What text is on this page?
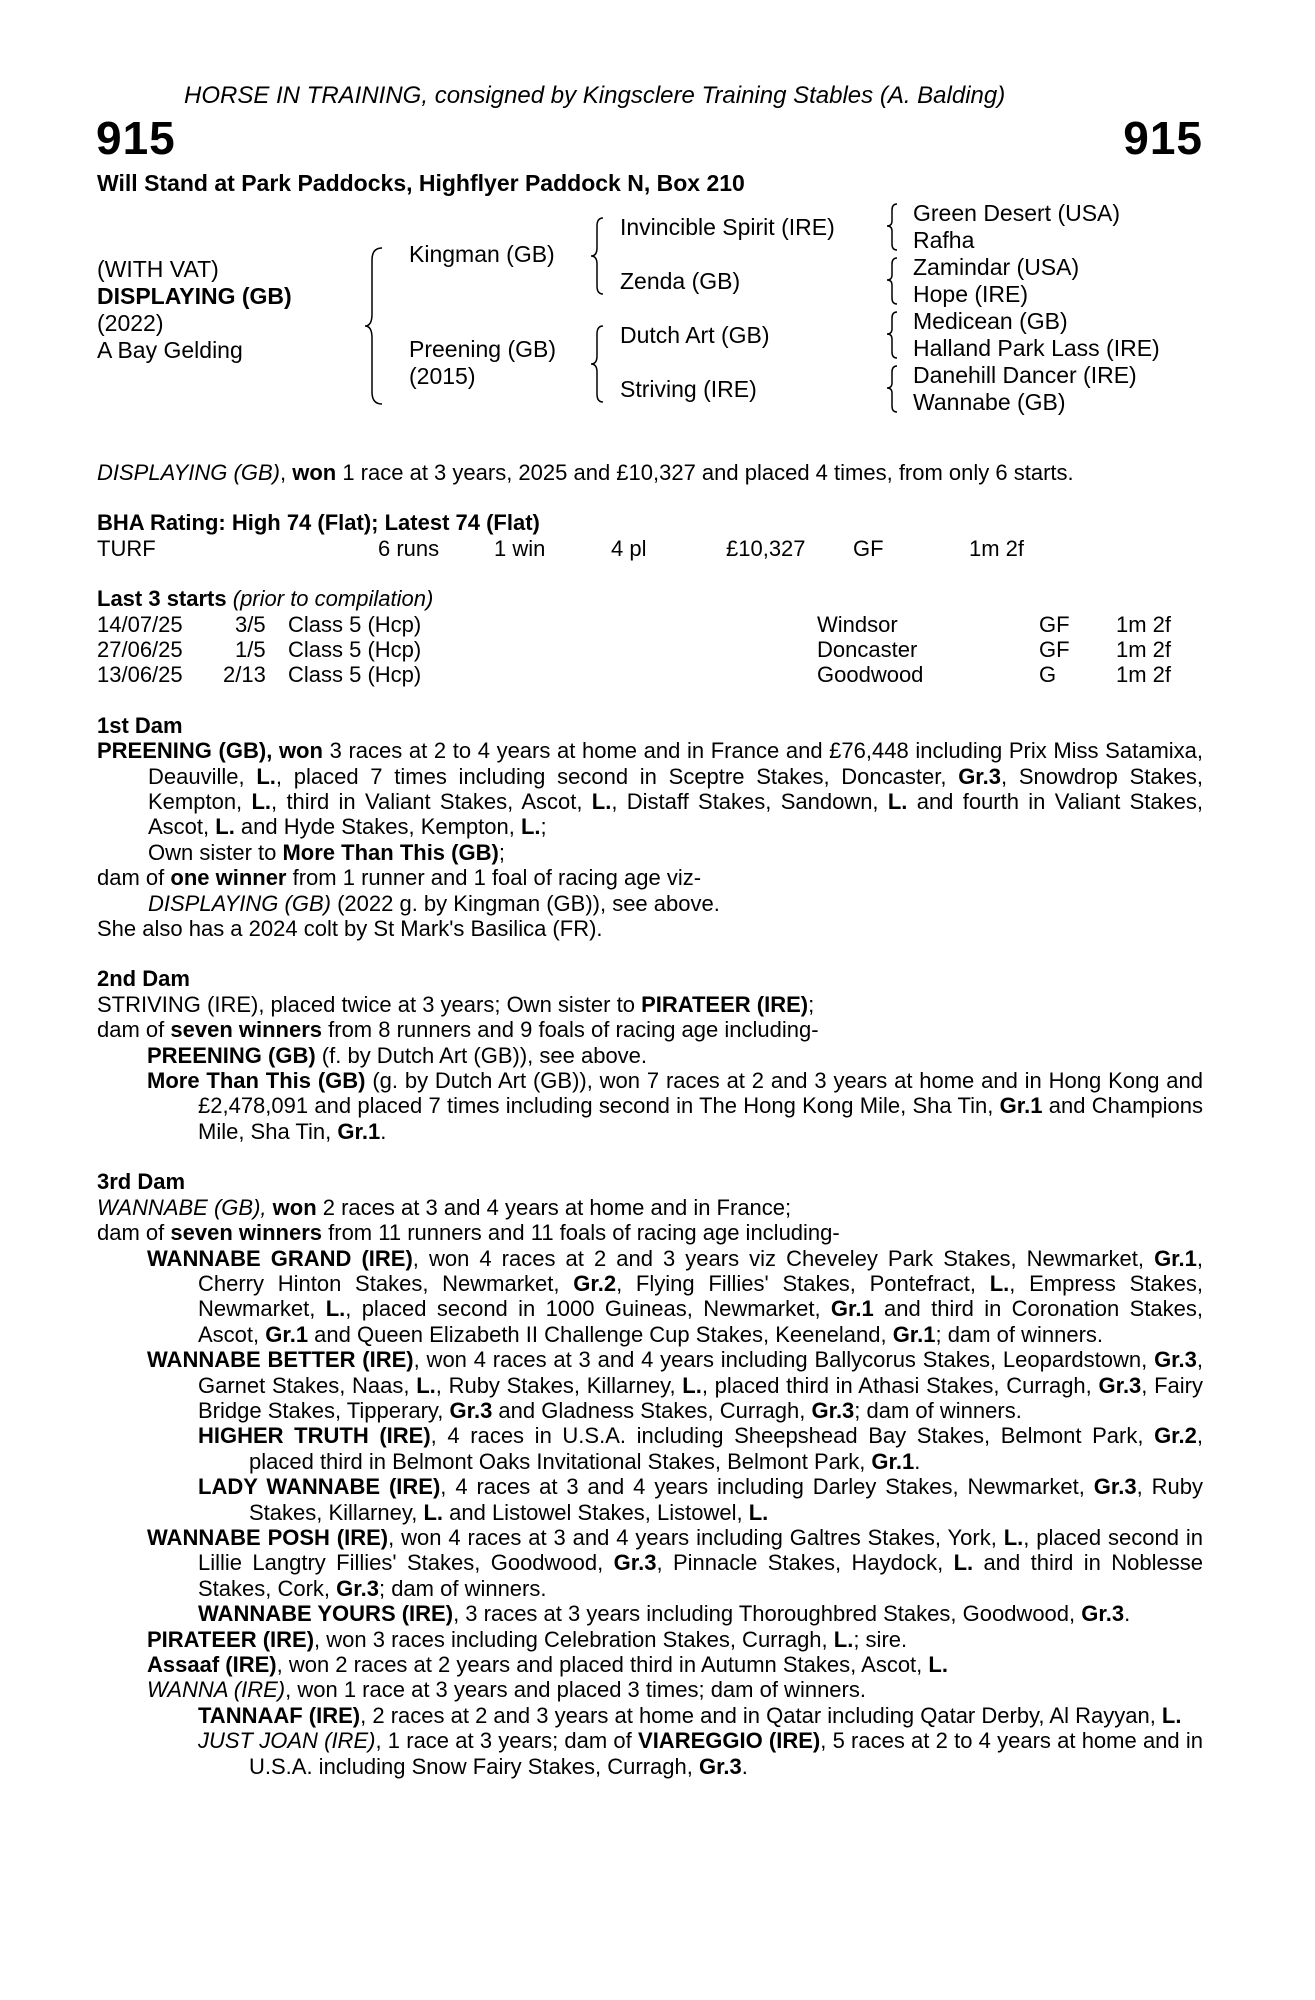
HORSE IN TRAINING, consigned by Kingsclere Training Stables (A. Balding)
915	915
Will Stand at Park Paddocks, Highflyer Paddock N, Box 210
(WITH VAT)
DISPLAYING (GB)
(2022)
A Bay Gelding
Kingman (GB)
Preening (GB)
(2015)
Invincible Spirit (IRE)
Zenda (GB)
Dutch Art (GB)
Striving (IRE)
Green Desert (USA)
Rafha
Zamindar (USA)
Hope (IRE)
Medicean (GB)
Halland Park Lass (IRE)
Danehill Dancer (IRE)
Wannabe (GB)

DISPLAYING (GB), won 1 race at 3 years, 2025 and £10,327 and placed 4 times, from only 6 starts.

BHA Rating: High 74 (Flat); Latest 74 (Flat)

TURF	6 runs 1 win	4 pl	£10,327 GF	1m 2f

Last 3 starts (prior to compilation)

14/07/25 3/5 Class 5 (Hcp)	Windsor	GF 1m 2f
27/06/25 1/5 Class 5 (Hcp)	Doncaster	GF 1m 2f
13/06/25 2/13 Class 5 (Hcp)	Goodwood	G	1m 2f

1st Dam

PREENING (GB), won 3 races at 2 to 4 years at home and in France and £76,448 including Prix Miss Satamixa, Deauville, L., placed 7 times including second in Sceptre Stakes, Doncaster, Gr.3, Snowdrop Stakes, Kempton, L., third in Valiant Stakes, Ascot, L., Distaff Stakes, Sandown, L. and fourth in Valiant Stakes, Ascot, L. and Hyde Stakes, Kempton, L.;

Own sister to More Than This (GB);

dam of one winner from 1 runner and 1 foal of racing age viz-

DISPLAYING (GB) (2022 g. by Kingman (GB)), see above.

She also has a 2024 colt by St Mark's Basilica (FR).

2nd Dam

STRIVING (IRE), placed twice at 3 years; Own sister to PIRATEER (IRE);

dam of seven winners from 8 runners and 9 foals of racing age including-

PREENING (GB) (f. by Dutch Art (GB)), see above.

More Than This (GB) (g. by Dutch Art (GB)), won 7 races at 2 and 3 years at home and in Hong Kong and £2,478,091 and placed 7 times including second in The Hong Kong Mile, Sha Tin, Gr.1 and Champions Mile, Sha Tin, Gr.1.

3rd Dam

WANNABE (GB), won 2 races at 3 and 4 years at home and in France;

dam of seven winners from 11 runners and 11 foals of racing age including-

WANNABE GRAND (IRE), won 4 races at 2 and 3 years viz Cheveley Park Stakes, Newmarket, Gr.1, Cherry Hinton Stakes, Newmarket, Gr.2, Flying Fillies' Stakes, Pontefract, L., Empress Stakes, Newmarket, L., placed second in 1000 Guineas, Newmarket, Gr.1 and third in Coronation Stakes, Ascot, Gr.1 and Queen Elizabeth II Challenge Cup Stakes, Keeneland, Gr.1; dam of winners.

WANNABE BETTER (IRE), won 4 races at 3 and 4 years including Ballycorus Stakes, Leopardstown, Gr.3, Garnet Stakes, Naas, L., Ruby Stakes, Killarney, L., placed third in Athasi Stakes, Curragh, Gr.3, Fairy Bridge Stakes, Tipperary, Gr.3 and Gladness Stakes, Curragh, Gr.3; dam of winners.

HIGHER TRUTH (IRE), 4 races in U.S.A. including Sheepshead Bay Stakes, Belmont Park, Gr.2, placed third in Belmont Oaks Invitational Stakes, Belmont Park, Gr.1.

LADY WANNABE (IRE), 4 races at 3 and 4 years including Darley Stakes, Newmarket, Gr.3, Ruby Stakes, Killarney, L. and Listowel Stakes, Listowel, L.

WANNABE POSH (IRE), won 4 races at 3 and 4 years including Galtres Stakes, York, L., placed second in Lillie Langtry Fillies' Stakes, Goodwood, Gr.3, Pinnacle Stakes, Haydock, L. and third in Noblesse Stakes, Cork, Gr.3; dam of winners.

WANNABE YOURS (IRE), 3 races at 3 years including Thoroughbred Stakes, Goodwood, Gr.3.

PIRATEER (IRE), won 3 races including Celebration Stakes, Curragh, L.; sire.

Assaaf (IRE), won 2 races at 2 years and placed third in Autumn Stakes, Ascot, L.

WANNA (IRE), won 1 race at 3 years and placed 3 times; dam of winners.

TANNAAF (IRE), 2 races at 2 and 3 years at home and in Qatar including Qatar Derby, Al Rayyan, L.

JUST JOAN (IRE), 1 race at 3 years; dam of VIAREGGIO (IRE), 5 races at 2 to 4 years at home and in U.S.A. including Snow Fairy Stakes, Curragh, Gr.3.
